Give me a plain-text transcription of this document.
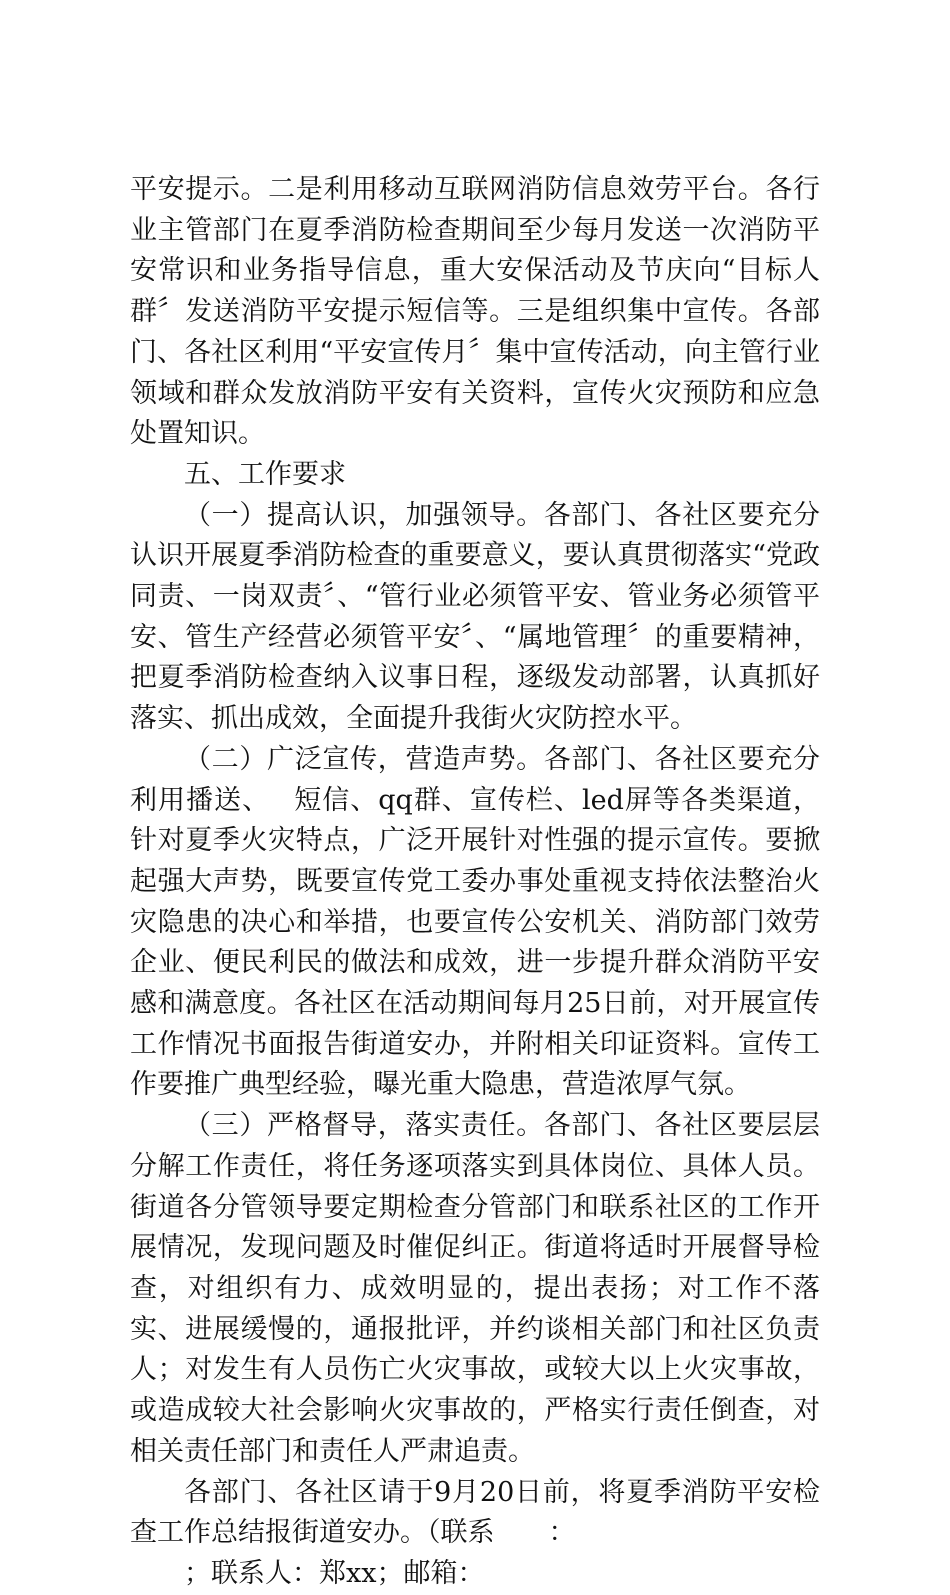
平安提示。二是利用移动互联网消防信息效劳平台。各行业主管部门在夏季消防检查期间至少每月发送一次消防平安常识和业务指导信息，重大安保活动及节庆向“目标人群〞发送消防平安提示短信等。三是组织集中宣传。各部门、各社区利用“平安宣传月〞集中宣传活动，向主管行业领域和群众发放消防平安有关资料，宣传火灾预防和应急处置知识。

五、工作要求

（一）提高认识，加强领导。各部门、各社区要充分认识开展夏季消防检查的重要意义，要认真贯彻落实“党政同责、一岗双责〞、“管行业必须管平安、管业务必须管平安、管生产经营必须管平安〞、“属地管理〞的重要精神，把夏季消防检查纳入议事日程，逐级发动部署，认真抓好落实、抓出成效，全面提升我街火灾防控水平。

（二）广泛宣传，营造声势。各部门、各社区要充分利用播送、　 短信、qq群、宣传栏、led屏等各类渠道，针对夏季火灾特点，广泛开展针对性强的提示宣传。要掀起强大声势，既要宣传党工委办事处重视支持依法整治火灾隐患的决心和举措，也要宣传公安机关、消防部门效劳企业、便民利民的做法和成效，进一步提升群众消防平安感和满意度。各社区在活动期间每月25日前，对开展宣传工作情况书面报告街道安办，并附相关印证资料。宣传工作要推广典型经验，曝光重大隐患，营造浓厚气氛。

（三）严格督导，落实责任。各部门、各社区要层层分解工作责任，将任务逐项落实到具体岗位、具体人员。街道各分管领导要定期检查分管部门和联系社区的工作开展情况，发现问题及时催促纠正。街道将适时开展督导检查，对组织有力、成效明显的，提出表扬；对工作不落实、进展缓慢的，通报批评，并约谈相关部门和社区负责人；对发生有人员伤亡火灾事故，或较大以上火灾事故，或造成较大社会影响火灾事故的，严格实行责任倒查，对相关责任部门和责任人严肃追责。

各部门、各社区请于9月20日前，将夏季消防平安检查工作总结报街道安办。（联系　　：

；联系人：郑xx；邮箱：
